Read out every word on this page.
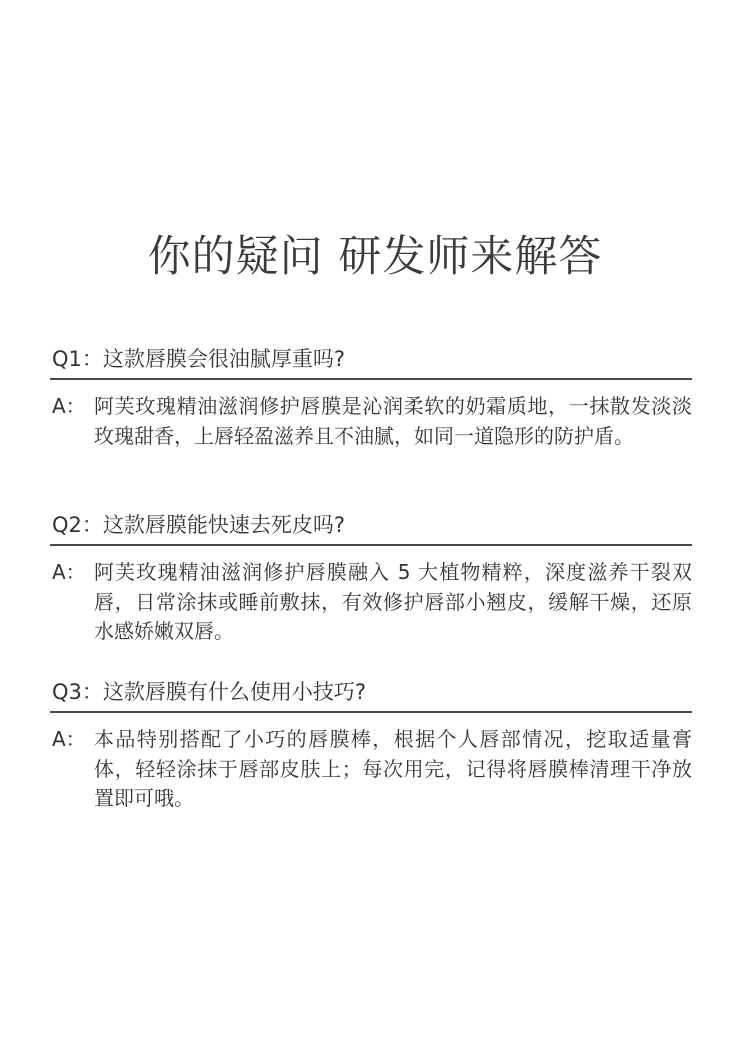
你的疑问 研发师来解答
Q1：这款唇膜会很油腻厚重吗?
A： 阿芙玫瑰精油滋润修护唇膜是沁润柔软的奶霜质地，一抹散发淡淡玫瑰甜香，上唇轻盈滋养且不油腻，如同一道隐形的防护盾。
Q2：这款唇膜能快速去死皮吗?
A： 阿芙玫瑰精油滋润修护唇膜融入 5 大植物精粹，深度滋养干裂双唇，日常涂抹或睡前敷抹，有效修护唇部小翘皮，缓解干燥，还原水感娇嫩双唇。
Q3：这款唇膜有什么使用小技巧?
A： 本品特别搭配了小巧的唇膜棒，根据个人唇部情况，挖取适量膏体，轻轻涂抹于唇部皮肤上；每次用完，记得将唇膜棒清理干净放置即可哦。
